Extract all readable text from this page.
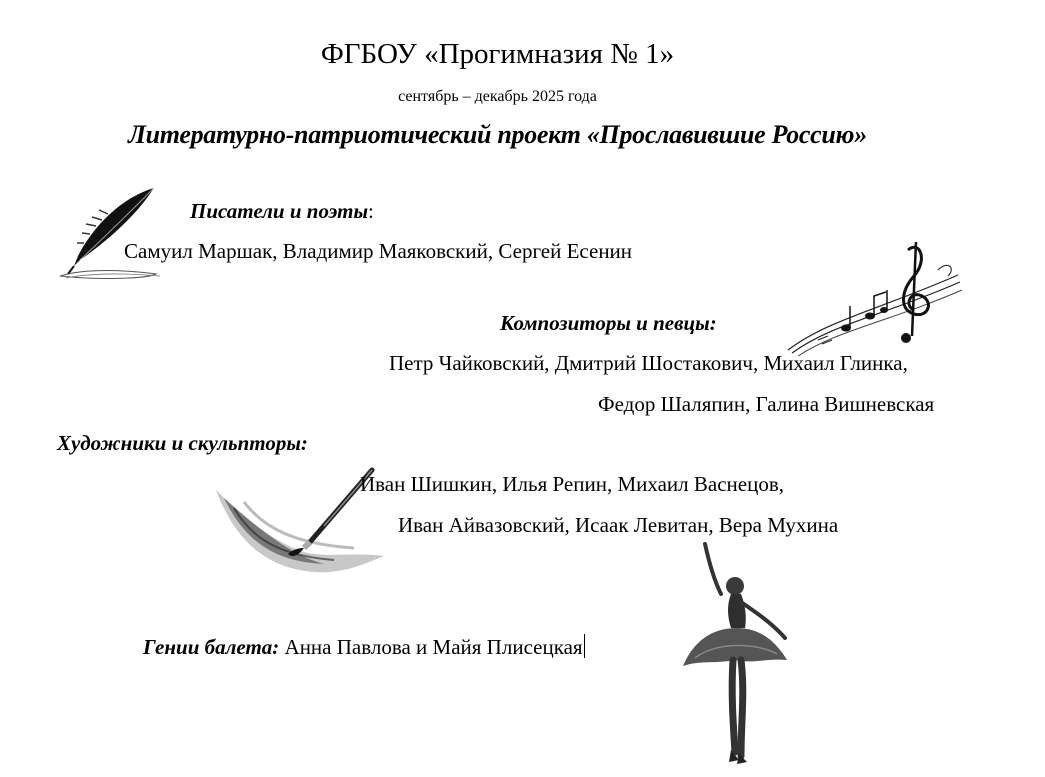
ФГБОУ «Прогимназия № 1»
сентябрь – декабрь 2025 года
Литературно-патриотический проект «Прославившие Россию»
Писатели и поэты:
Самуил Маршак, Владимир Маяковский, Сергей Есенин
Композиторы и певцы:
Петр Чайковский, Дмитрий Шостакович, Михаил Глинка,
Федор Шаляпин, Галина Вишневская
Художники и скульпторы:
Иван Шишкин, Илья Репин, Михаил Васнецов,
Иван Айвазовский, Исаак Левитан, Вера Мухина
Гении балета: Анна Павлова и Майя Плисецкая
